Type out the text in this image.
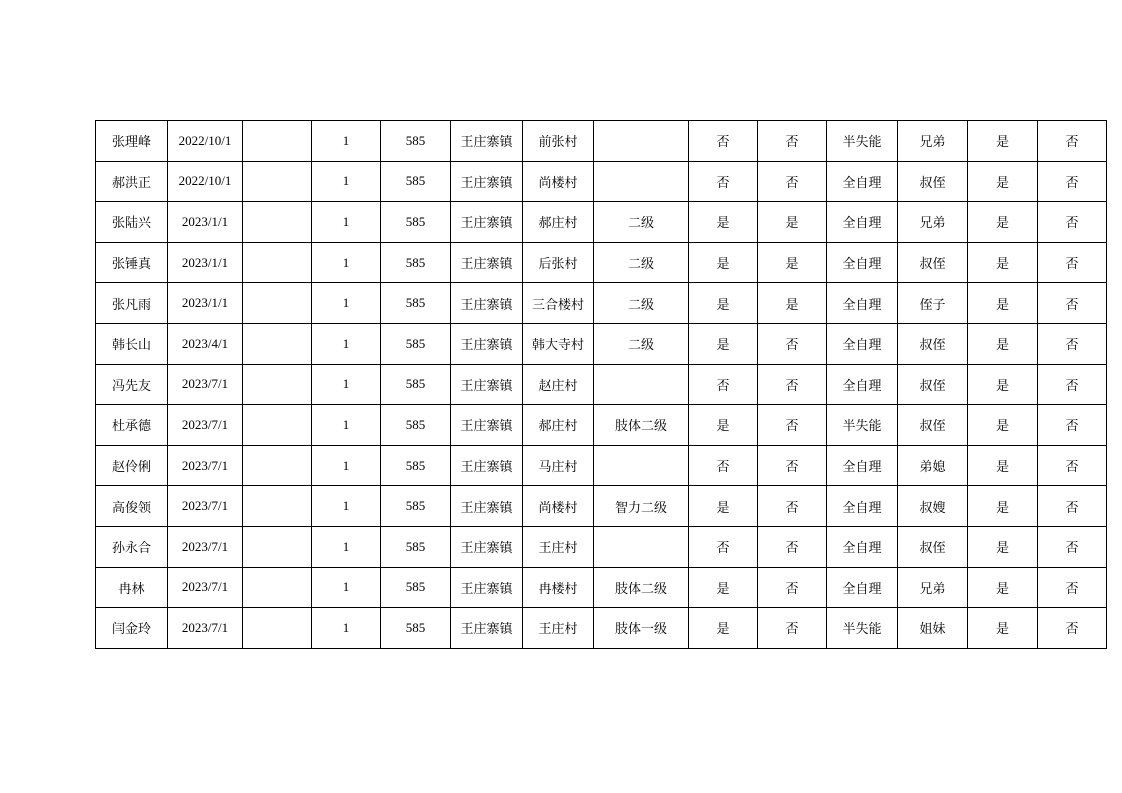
张理峰	2022/10/1		1	585	王庄寨镇	前张村		否	否	半失能	兄弟	是	否
郝洪正	2022/10/1		1	585	王庄寨镇	尚楼村		否	否	全自理	叔侄	是	否
张陆兴	2023/1/1		1	585	王庄寨镇	郝庄村	二级	是	是	全自理	兄弟	是	否
张锤真	2023/1/1		1	585	王庄寨镇	后张村	二级	是	是	全自理	叔侄	是	否
张凡雨	2023/1/1		1	585	王庄寨镇	三合楼村	二级	是	是	全自理	侄子	是	否
韩长山	2023/4/1		1	585	王庄寨镇	韩大寺村	二级	是	否	全自理	叔侄	是	否
冯先友	2023/7/1		1	585	王庄寨镇	赵庄村		否	否	全自理	叔侄	是	否
杜承德	2023/7/1		1	585	王庄寨镇	郝庄村	肢体二级	是	否	半失能	叔侄	是	否
赵伶俐	2023/7/1		1	585	王庄寨镇	马庄村		否	否	全自理	弟媳	是	否
高俊领	2023/7/1		1	585	王庄寨镇	尚楼村	智力二级	是	否	全自理	叔嫂	是	否
孙永合	2023/7/1		1	585	王庄寨镇	王庄村		否	否	全自理	叔侄	是	否
冉林	2023/7/1		1	585	王庄寨镇	冉楼村	肢体二级	是	否	全自理	兄弟	是	否
闫金玲	2023/7/1		1	585	王庄寨镇	王庄村	肢体一级	是	否	半失能	姐妹	是	否
